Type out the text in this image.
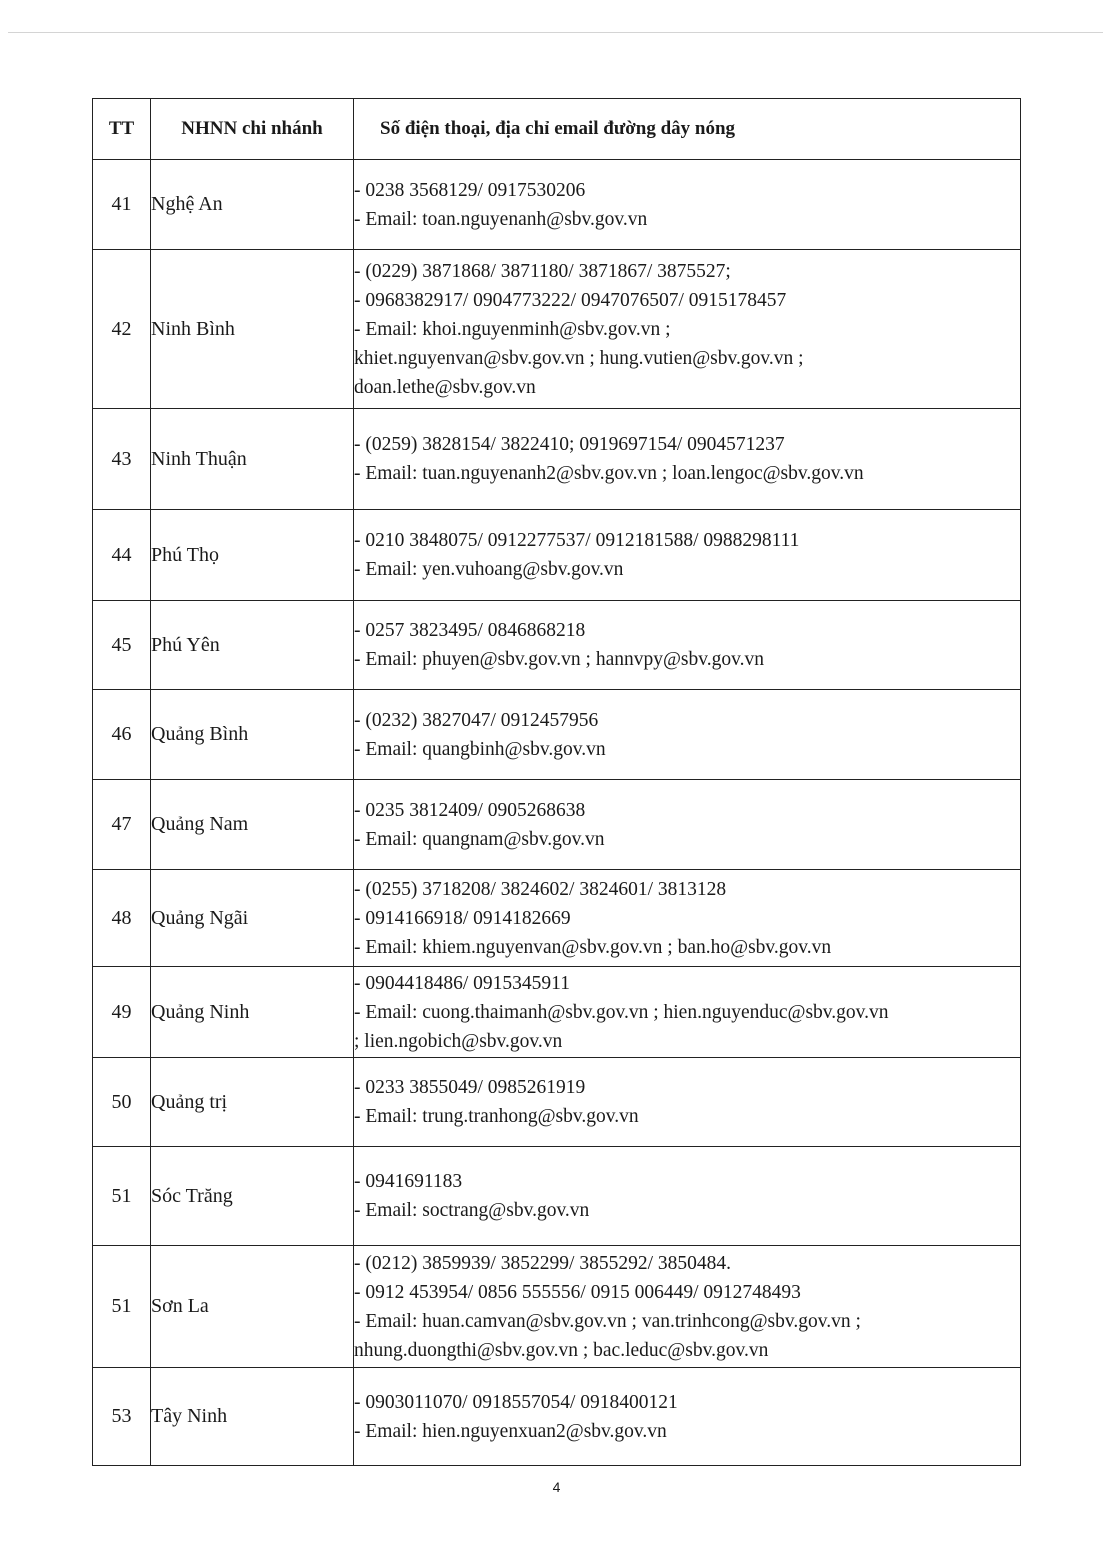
TT	NHNN chi nhánh	Số điện thoại, địa chỉ email đường dây nóng
41	Nghệ An	- 0238 3568129/ 0917530206
- Email: toan.nguyenanh@sbv.gov.vn

42	Ninh Bình	- (0229) 3871868/ 3871180/ 3871867/ 3875527;
- 0968382917/ 0904773222/ 0947076507/ 0915178457
- Email: khoi.nguyenminh@sbv.gov.vn ;
khiet.nguyenvan@sbv.gov.vn ; hung.vutien@sbv.gov.vn ;
doan.lethe@sbv.gov.vn

43	Ninh Thuận	- (0259) 3828154/ 3822410; 0919697154/ 0904571237
- Email: tuan.nguyenanh2@sbv.gov.vn ; loan.lengoc@sbv.gov.vn

44	Phú Thọ	- 0210 3848075/ 0912277537/ 0912181588/ 0988298111
- Email: yen.vuhoang@sbv.gov.vn

45	Phú Yên	- 0257 3823495/ 0846868218
- Email: phuyen@sbv.gov.vn ; hannvpy@sbv.gov.vn

46	Quảng Bình	- (0232) 3827047/ 0912457956
- Email: quangbinh@sbv.gov.vn

47	Quảng Nam	- 0235 3812409/ 0905268638
- Email: quangnam@sbv.gov.vn

48	Quảng Ngãi	- (0255) 3718208/ 3824602/ 3824601/ 3813128
- 0914166918/ 0914182669
- Email: khiem.nguyenvan@sbv.gov.vn ; ban.ho@sbv.gov.vn

49	Quảng Ninh	- 0904418486/ 0915345911
- Email: cuong.thaimanh@sbv.gov.vn ; hien.nguyenduc@sbv.gov.vn
; lien.ngobich@sbv.gov.vn

50	Quảng trị	- 0233 3855049/ 0985261919
- Email: trung.tranhong@sbv.gov.vn

51	Sóc Trăng	- 0941691183
- Email: soctrang@sbv.gov.vn

51	Sơn La	- (0212) 3859939/ 3852299/ 3855292/ 3850484.
- 0912 453954/ 0856 555556/ 0915 006449/ 0912748493
- Email: huan.camvan@sbv.gov.vn ; van.trinhcong@sbv.gov.vn ;
nhung.duongthi@sbv.gov.vn ; bac.leduc@sbv.gov.vn

53	Tây Ninh	- 0903011070/ 0918557054/ 0918400121
- Email: hien.nguyenxuan2@sbv.gov.vn
4
